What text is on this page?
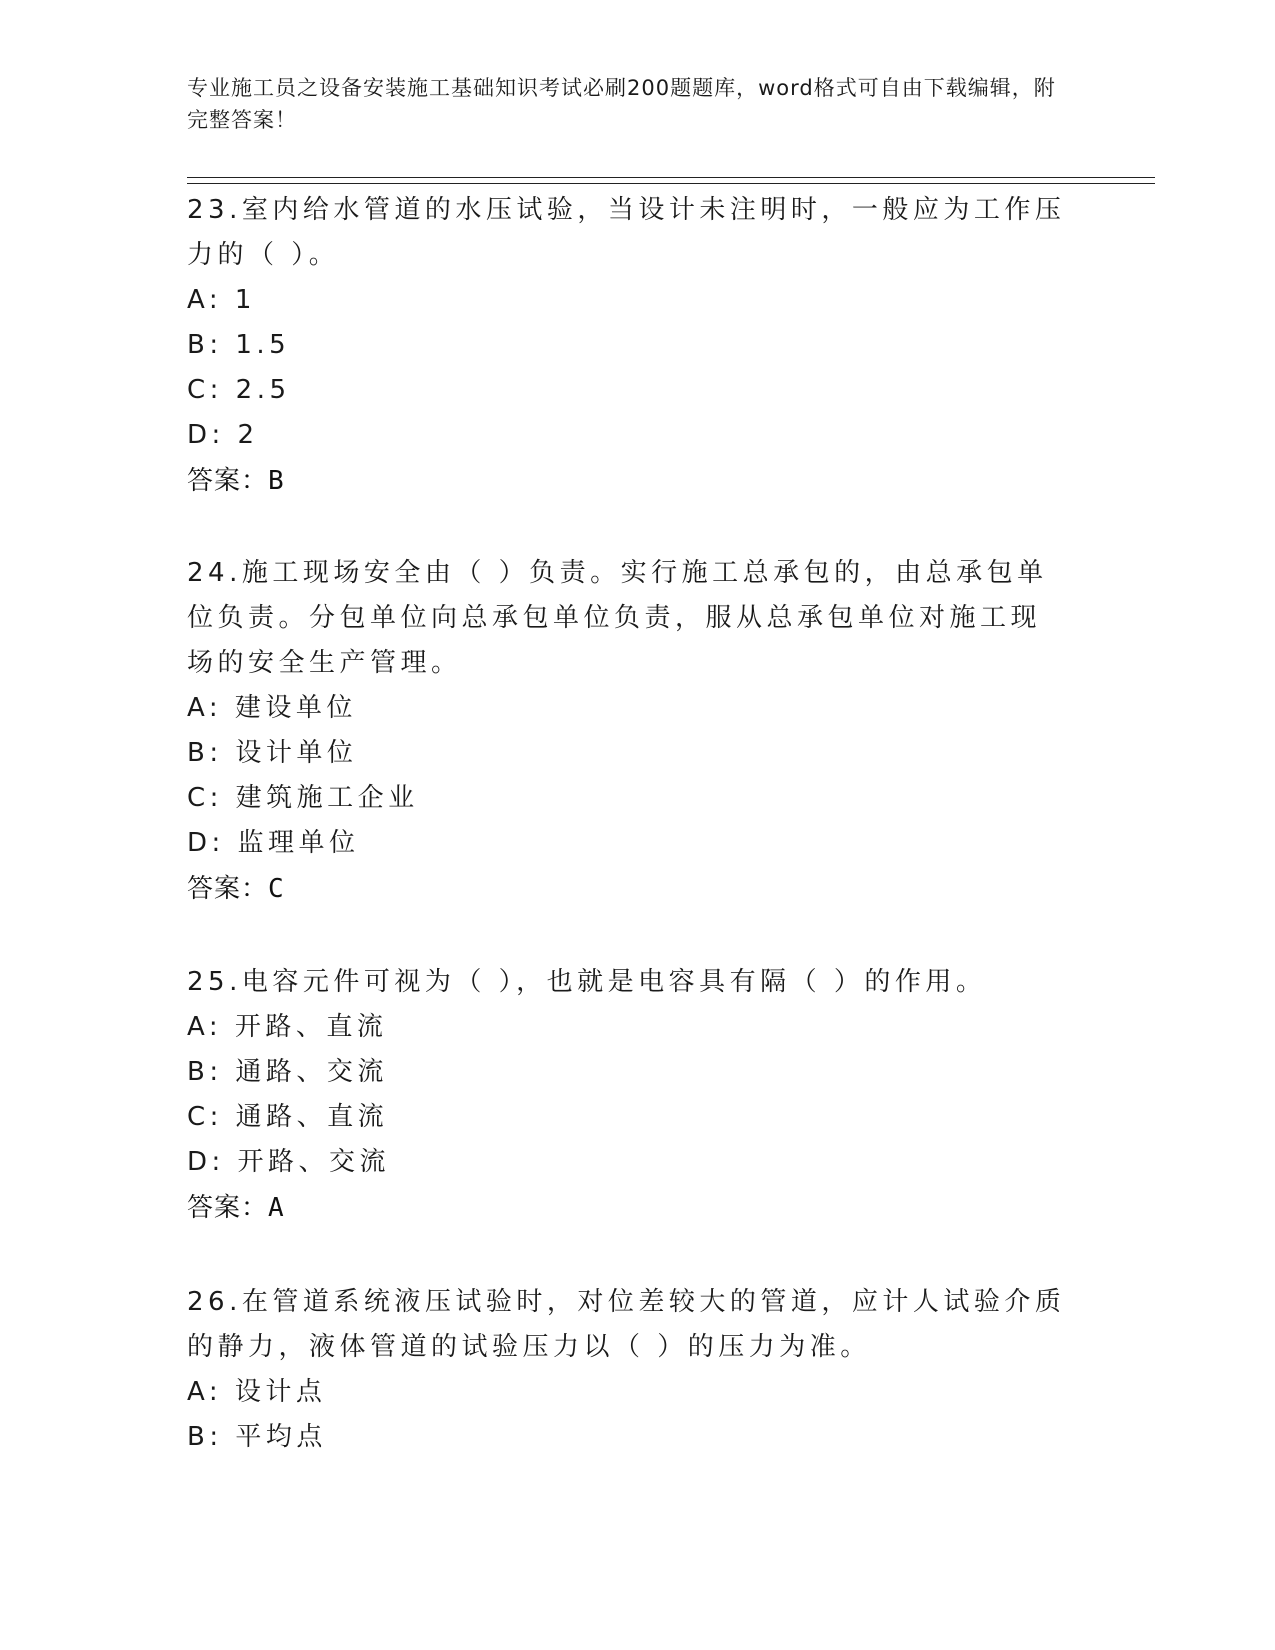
专业施工员之设备安装施工基础知识考试必刷200题题库，word格式可自由下载编辑，附完整答案！
23.室内给水管道的水压试验，当设计未注明时，一般应为工作压力的（ ）。
A: 1
B: 1.5
C: 2.5
D: 2
答案：B
24.施工现场安全由（ ）负责。实行施工总承包的，由总承包单位负责。分包单位向总承包单位负责，服从总承包单位对施工现场的安全生产管理。
A: 建设单位
B: 设计单位
C: 建筑施工企业
D: 监理单位
答案：C
25.电容元件可视为（ ），也就是电容具有隔（ ）的作用。
A: 开路、直流
B: 通路、交流
C: 通路、直流
D: 开路、交流
答案：A
26.在管道系统液压试验时，对位差较大的管道，应计人试验介质的静力，液体管道的试验压力以（ ）的压力为准。
A: 设计点
B: 平均点
